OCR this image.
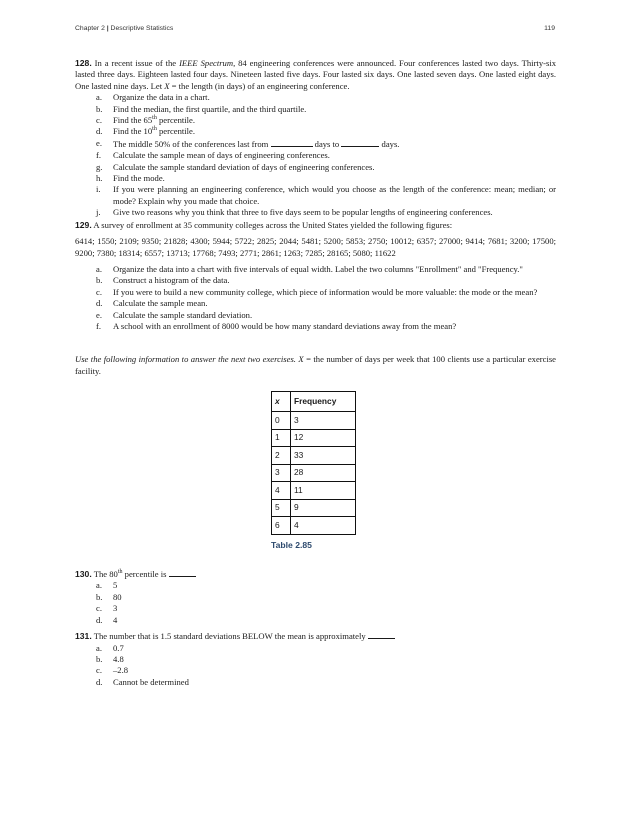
Chapter 2 | Descriptive Statistics	119

128. In a recent issue of the IEEE Spectrum, 84 engineering conferences were announced. Four conferences lasted two days. Thirty-six lasted three days. Eighteen lasted four days. Nineteen lasted five days. Four lasted six days. One lasted seven days. One lasted eight days. One lasted nine days. Let X = the length (in days) of an engineering conference.

a. Organize the data in a chart.
b. Find the median, the first quartile, and the third quartile.
c. Find the 65th percentile.
d. Find the 10th percentile.
e. The middle 50% of the conferences last from	days to	days.
f. Calculate the sample mean of days of engineering conferences.
g. Calculate the sample standard deviation of days of engineering conferences.
h. Find the mode.
i. If you were planning an engineering conference, which would you choose as the length of the conference: mean; median; or mode? Explain why you made that choice.
j. Give two reasons why you think that three to five days seem to be popular lengths of engineering conferences.

129. A survey of enrollment at 35 community colleges across the United States yielded the following figures:

6414; 1550; 2109; 9350; 21828; 4300; 5944; 5722; 2825; 2044; 5481; 5200; 5853; 2750; 10012; 6357; 27000; 9414; 7681; 3200; 17500; 9200; 7380; 18314; 6557; 13713; 17768; 7493; 2771; 2861; 1263; 7285; 28165; 5080; 11622

a. Organize the data into a chart with five intervals of equal width. Label the two columns "Enrollment" and "Frequency."
b. Construct a histogram of the data.
c. If you were to build a new community college, which piece of information would be more valuable: the mode or the mean?
d. Calculate the sample mean.
e. Calculate the sample standard deviation.
f. A school with an enrollment of 8000 would be how many standard deviations away from the mean?

Use the following information to answer the next two exercises. X = the number of days per week that 100 clients use a particular exercise facility.

x	Frequency
0	3
1	12
2	33
3	28
4	11
5	9
6	4
Table 2.85

130. The 80th percentile is

a. 5
b. 80
c. 3
d. 4

131. The number that is 1.5 standard deviations BELOW the mean is approximately

a. 0.7
b. 4.8
c. –2.8
d. Cannot be determined
